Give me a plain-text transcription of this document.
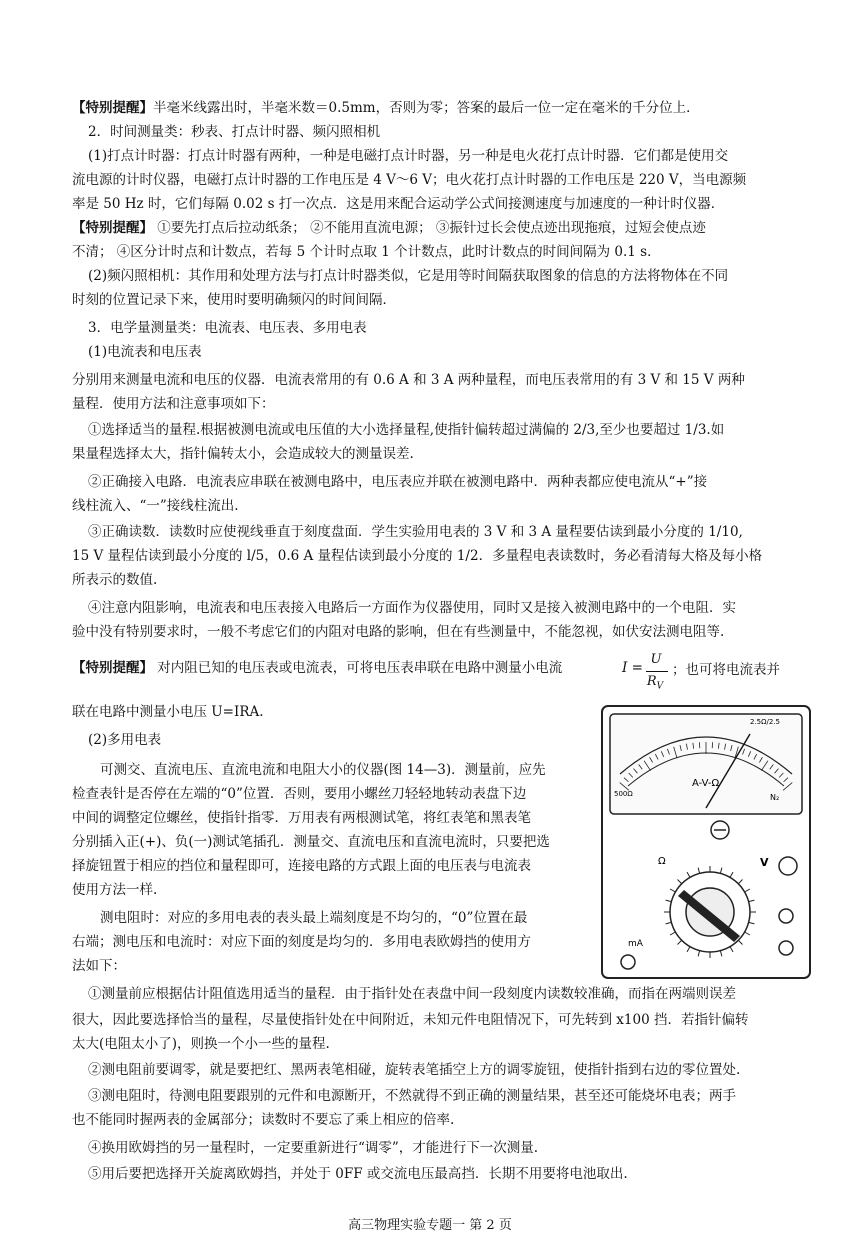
【特别提醒】半毫米线露出时，半毫米数＝0.5mm，否则为零；答案的最后一位一定在毫米的千分位上．
2．时间测量类：秒表、打点计时器、频闪照相机
(1)打点计时器：打点计时器有两种，一种是电磁打点计时器，另一种是电火花打点计时器．它们都是使用交
流电源的计时仪器，电磁打点计时器的工作电压是 4 V～6 V；电火花打点计时器的工作电压是 220 V，当电源频
率是 50 Hz 时，它们每隔 0.02 s 打一次点．这是用来配合运动学公式间接测速度与加速度的一种计时仪器．
【特别提醒】 ①要先打点后拉动纸条； ②不能用直流电源； ③振针过长会使点迹出现拖痕，过短会使点迹
不清； ④区分计时点和计数点，若每 5 个计时点取 1 个计数点，此时计数点的时间间隔为 0.1 s．
(2)频闪照相机：其作用和处理方法与打点计时器类似，它是用等时间隔获取图象的信息的方法将物体在不同
时刻的位置记录下来，使用时要明确频闪的时间间隔．
3．电学量测量类：电流表、电压表、多用电表
(1)电流表和电压表
分别用来测量电流和电压的仪器．电流表常用的有 0.6 A 和 3 A 两种量程，而电压表常用的有 3 V 和 15 V 两种
量程．使用方法和注意事项如下：
①选择适当的量程.根据被测电流或电压值的大小选择量程,使指针偏转超过满偏的 2/3,至少也要超过 1/3.如
果量程选择太大，指针偏转太小，会造成较大的测量误差.
②正确接入电路．电流表应串联在被测电路中，电压表应并联在被测电路中．两种表都应使电流从“+”接
线柱流入、“一”接线柱流出.
③正确读数．读数时应使视线垂直于刻度盘面．学生实验用电表的 3 V 和 3 A 量程要估读到最小分度的 1/10,
15 V 量程估读到最小分度的 l/5，0.6 A 量程估读到最小分度的 1/2．多量程电表读数时，务必看清每大格及每小格
所表示的数值.
④注意内阻影响，电流表和电压表接入电路后一方面作为仪器使用，同时又是接入被测电路中的一个电阻．实
验中没有特别要求时，一般不考虑它们的内阻对电路的影响，但在有些测量中，不能忽视，如伏安法测电阻等.
【特别提醒】 对内阻已知的电压表或电流表，可将电压表串联在电路中测量小电流
联在电路中测量小电压 U=IRA.
(2)多用电表
可测交、直流电压、直流电流和电阻大小的仪器(图 14—3)．测量前，应先
检查表针是否停在左端的“0”位置．否则，要用小螺丝刀轻轻地转动表盘下边
中间的调整定位螺丝，使指针指零．万用表有两根测试笔，将红表笔和黑表笔
分别插入正(+)、负(一)测试笔插孔．测量交、直流电压和直流电流时，只要把选
择旋钮置于相应的挡位和量程即可，连接电路的方式跟上面的电压表与电流表
使用方法一样.
测电阻时：对应的多用电表的表头最上端刻度是不均匀的，“0”位置在最
右端；测电压和电流时：对应下面的刻度是均匀的．多用电表欧姆挡的使用方
法如下：
①测量前应根据估计阻值选用适当的量程．由于指针处在表盘中间一段刻度内读数较准确，而指在两端则误差
很大，因此要选择恰当的量程，尽量使指针处在中间附近，未知元件电阻情况下，可先转到 x100 挡．若指针偏转
太大(电阻太小了)，则换一个小一些的量程.
②测电阻前要调零，就是要把红、黑两表笔相碰，旋转表笔插空上方的调零旋钮，使指针指到右边的零位置处.
③测电阻时，待测电阻要跟别的元件和电源断开，不然就得不到正确的测量结果，甚至还可能烧坏电表；两手
也不能同时握两表的金属部分；读数时不要忘了乘上相应的倍率.
④换用欧姆挡的另一量程时，一定要重新进行“调零”，才能进行下一次测量.
⑤用后要把选择开关旋离欧姆挡，并处于 0FF 或交流电压最高挡．长期不用要将电池取出.
I =
U
$R_V$
；也可将电流表并
A-V-Ω
500Ω
2.5Ω/2.5
N₂
Ω	V
mA
高三物理实验专题一 第 2 页
